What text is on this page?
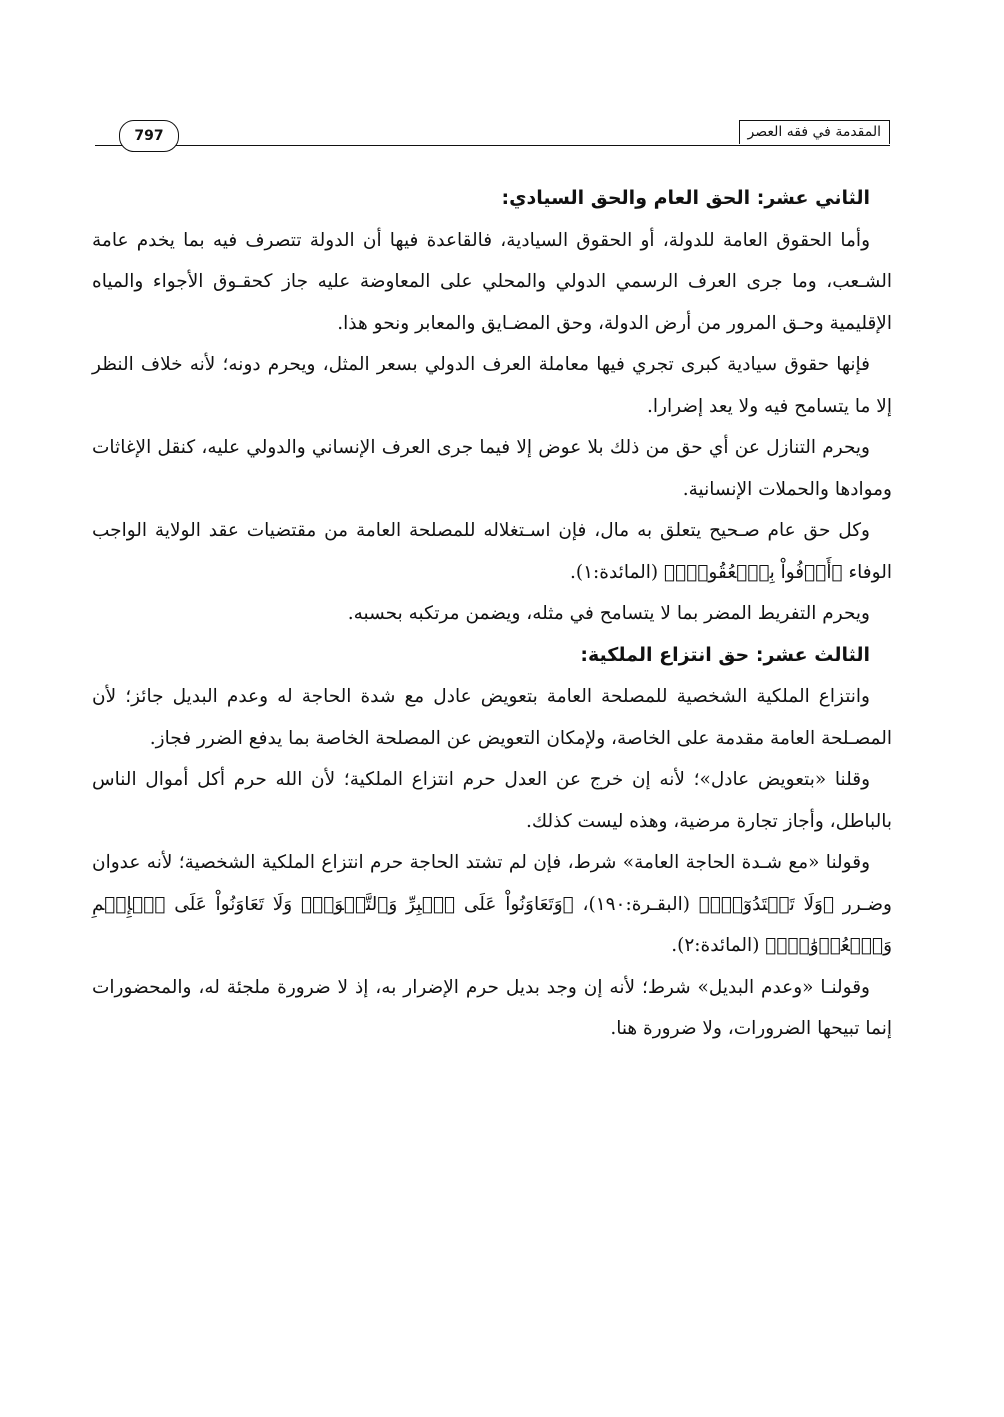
797	المقدمة في فقه العصر
الثاني عشر: الحق العام والحق السيادي:

وأما الحقوق العامة للدولة، أو الحقوق السيادية، فالقاعدة فيها أن الدولة تتصرف فيه بما يخدم عامة الشـعب، وما جرى العرف الرسمي الدولي والمحلي على المعاوضة عليه جاز كحقـوق الأجواء والمياه الإقليمية وحـق المرور من أرض الدولة، وحق المضـايق والمعابر ونحو هذا.

فإنها حقوق سيادية كبرى تجري فيها معاملة العرف الدولي بسعر المثل، ويحرم دونه؛ لأنه خلاف النظر إلا ما يتسامح فيه ولا يعد إضرارا.

ويحرم التنازل عن أي حق من ذلك بلا عوض إلا فيما جرى العرف الإنساني والدولي عليه، كنقل الإغاثات وموادها والحملات الإنسانية.

وكل حق عام صـحيح يتعلق به مال، فإن اسـتغلاله للمصلحة العامة من مقتضيات عقد الولاية الواجب الوفاء ﴿أَوۡفُواْ بِٱلۡعُقُودِۚ﴾ (المائدة:١).

ويحرم التفريط المضر بما لا يتسامح في مثله، ويضمن مرتكبه بحسبه.

الثالث عشر: حق انتزاع الملكية:

وانتزاع الملكية الشخصية للمصلحة العامة بتعويض عادل مع شدة الحاجة له وعدم البديل جائز؛ لأن المصـلحة العامة مقدمة على الخاصة، ولإمكان التعويض عن المصلحة الخاصة بما يدفع الضرر فجاز.

وقلنا «بتعويض عادل»؛ لأنه إن خرج عن العدل حرم انتزاع الملكية؛ لأن الله حرم أكل أموال الناس بالباطل، وأجاز تجارة مرضية، وهذه ليست كذلك.

وقولنا «مع شـدة الحاجة العامة» شرط، فإن لم تشتد الحاجة حرم انتزاع الملكية الشخصية؛ لأنه عدوان وضـرر ﴿وَلَا تَعۡتَدُوٓاْۚ﴾ (البقـرة:١٩٠)، ﴿وَتَعَاوَنُواْ عَلَى ٱلۡبِرِّ وَٱلتَّقۡوَىٰۖ وَلَا تَعَاوَنُواْ عَلَى ٱلۡإِثۡمِ وَٱلۡعُدۡوَٰنِۚ﴾ (المائدة:٢).

وقولنـا «وعدم البديل» شرط؛ لأنه إن وجد بديل حرم الإضرار به، إذ لا ضرورة ملجئة له، والمحضورات إنما تبيحها الضرورات، ولا ضرورة هنا.
